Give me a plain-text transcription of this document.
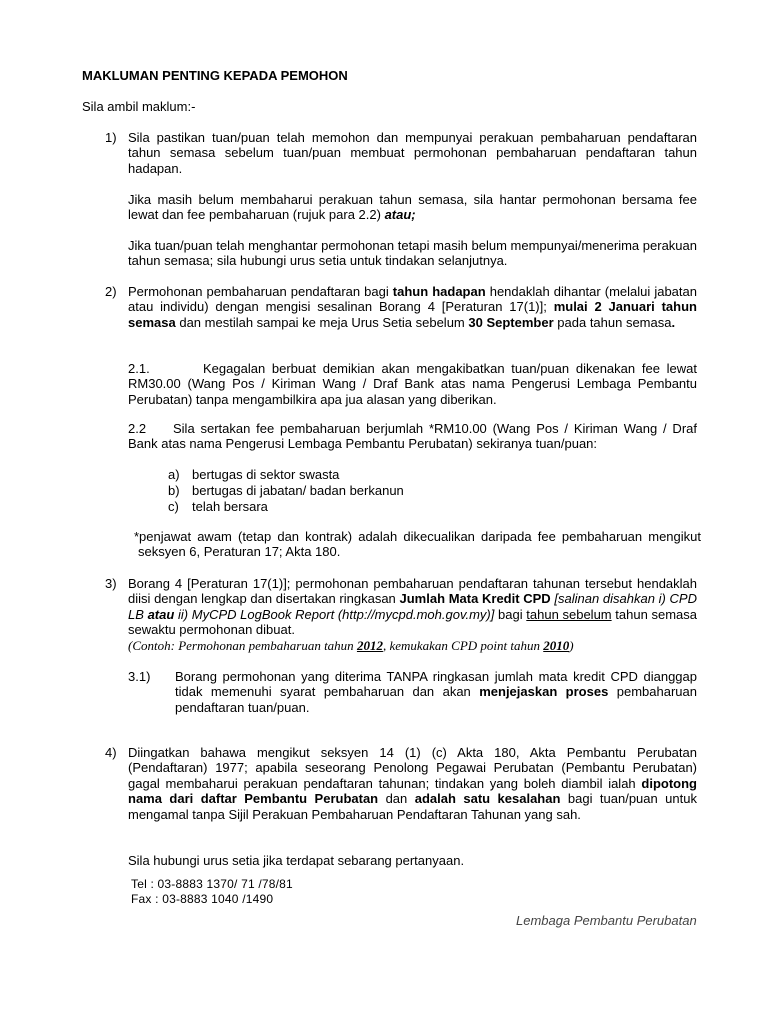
MAKLUMAN PENTING KEPADA PEMOHON
Sila ambil maklum:-
1) Sila pastikan tuan/puan telah memohon dan mempunyai perakuan pembaharuan pendaftaran tahun semasa sebelum tuan/puan membuat permohonan pembaharuan pendaftaran tahun hadapan.
Jika masih belum membaharui perakuan tahun semasa, sila hantar permohonan bersama fee lewat dan fee pembaharuan (rujuk para 2.2) atau;
Jika tuan/puan telah menghantar permohonan tetapi masih belum mempunyai/menerima perakuan tahun semasa; sila hubungi urus setia untuk tindakan selanjutnya.
2) Permohonan pembaharuan pendaftaran bagi tahun hadapan hendaklah dihantar (melalui jabatan atau individu) dengan mengisi sesalinan Borang 4 [Peraturan 17(1)]; mulai 2 Januari tahun semasa dan mestilah sampai ke meja Urus Setia sebelum 30 September pada tahun semasa.
2.1.	Kegagalan berbuat demikian akan mengakibatkan tuan/puan dikenakan fee lewat RM30.00 (Wang Pos / Kiriman Wang / Draf Bank atas nama Pengerusi Lembaga Pembantu Perubatan) tanpa mengambilkira apa jua alasan yang diberikan.
2.2	Sila sertakan fee pembaharuan berjumlah *RM10.00 (Wang Pos / Kiriman Wang / Draf Bank atas nama Pengerusi Lembaga Pembantu Perubatan) sekiranya tuan/puan:
a) bertugas di sektor swasta
b) bertugas di jabatan/ badan berkanun
c) telah bersara
*penjawat awam (tetap dan kontrak) adalah dikecualikan daripada fee pembaharuan mengikut seksyen 6, Peraturan 17; Akta 180.
3) Borang 4 [Peraturan 17(1)]; permohonan pembaharuan pendaftaran tahunan tersebut hendaklah diisi dengan lengkap dan disertakan ringkasan Jumlah Mata Kredit CPD [salinan disahkan i) CPD LB atau ii) MyCPD LogBook Report (http://mycpd.moh.gov.my)] bagi tahun sebelum tahun semasa sewaktu permohonan dibuat.
(Contoh: Permohonan pembaharuan tahun 2012, kemukakan CPD point tahun 2010)
3.1) Borang permohonan yang diterima TANPA ringkasan jumlah mata kredit CPD dianggap tidak memenuhi syarat pembaharuan dan akan menjejaskan proses pembaharuan pendaftaran tuan/puan.
4) Diingatkan bahawa mengikut seksyen 14 (1) (c) Akta 180, Akta Pembantu Perubatan (Pendaftaran) 1977; apabila seseorang Penolong Pegawai Perubatan (Pembantu Perubatan) gagal membaharui perakuan pendaftaran tahunan; tindakan yang boleh diambil ialah dipotong nama dari daftar Pembantu Perubatan dan adalah satu kesalahan bagi tuan/puan untuk mengamal tanpa Sijil Perakuan Pembaharuan Pendaftaran Tahunan yang sah.
Sila hubungi urus setia jika terdapat sebarang pertanyaan.
Tel : 03-8883 1370/ 71 /78/81
Fax : 03-8883 1040 /1490
Lembaga Pembantu Perubatan
